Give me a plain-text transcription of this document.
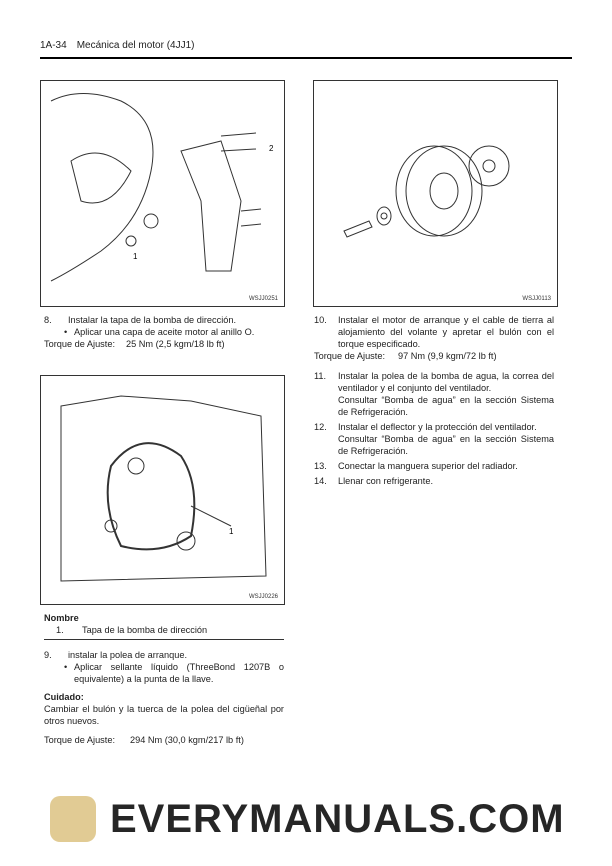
1A-34 Mecánica del motor (4JJ1)
2
1
WSJJ0251	WSJJ0113
8.	Instalar la tapa de la bomba de dirección.
• Aplicar una capa de aceite motor al anillo O.
Torque de Ajuste: 25 Nm (2,5 kgm/18 lb ft)
1
WSJJ0226
Nombre
1. Tapa de la bomba de dirección
9.	instalar la polea de arranque.
• Aplicar sellante líquido (ThreeBond 1207B o equivalente) a la punta de la llave.
Cuidado:
Cambiar el bulón y la tuerca de la polea del cigüeñal por otros nuevos.
Torque de Ajuste: 294 Nm (30,0 kgm/217 lb ft)
10.	Instalar el motor de arranque y el cable de tierra al alojamiento del volante y apretar el bulón con el torque especificado.
Torque de Ajuste: 97 Nm (9,9 kgm/72 lb ft)
11.	Instalar la polea de la bomba de agua, la correa del ventilador y el conjunto del ventilador.
Consultar “Bomba de agua” en la sección Sistema de Refrigeración.
12.	Instalar el deflector y la protección del ventilador.
Consultar “Bomba de agua” en la sección Sistema de Refrigeración.
13.	Conectar la manguera superior del radiador.
14.	Llenar con refrigerante.
EVERYMANUALS.COM
